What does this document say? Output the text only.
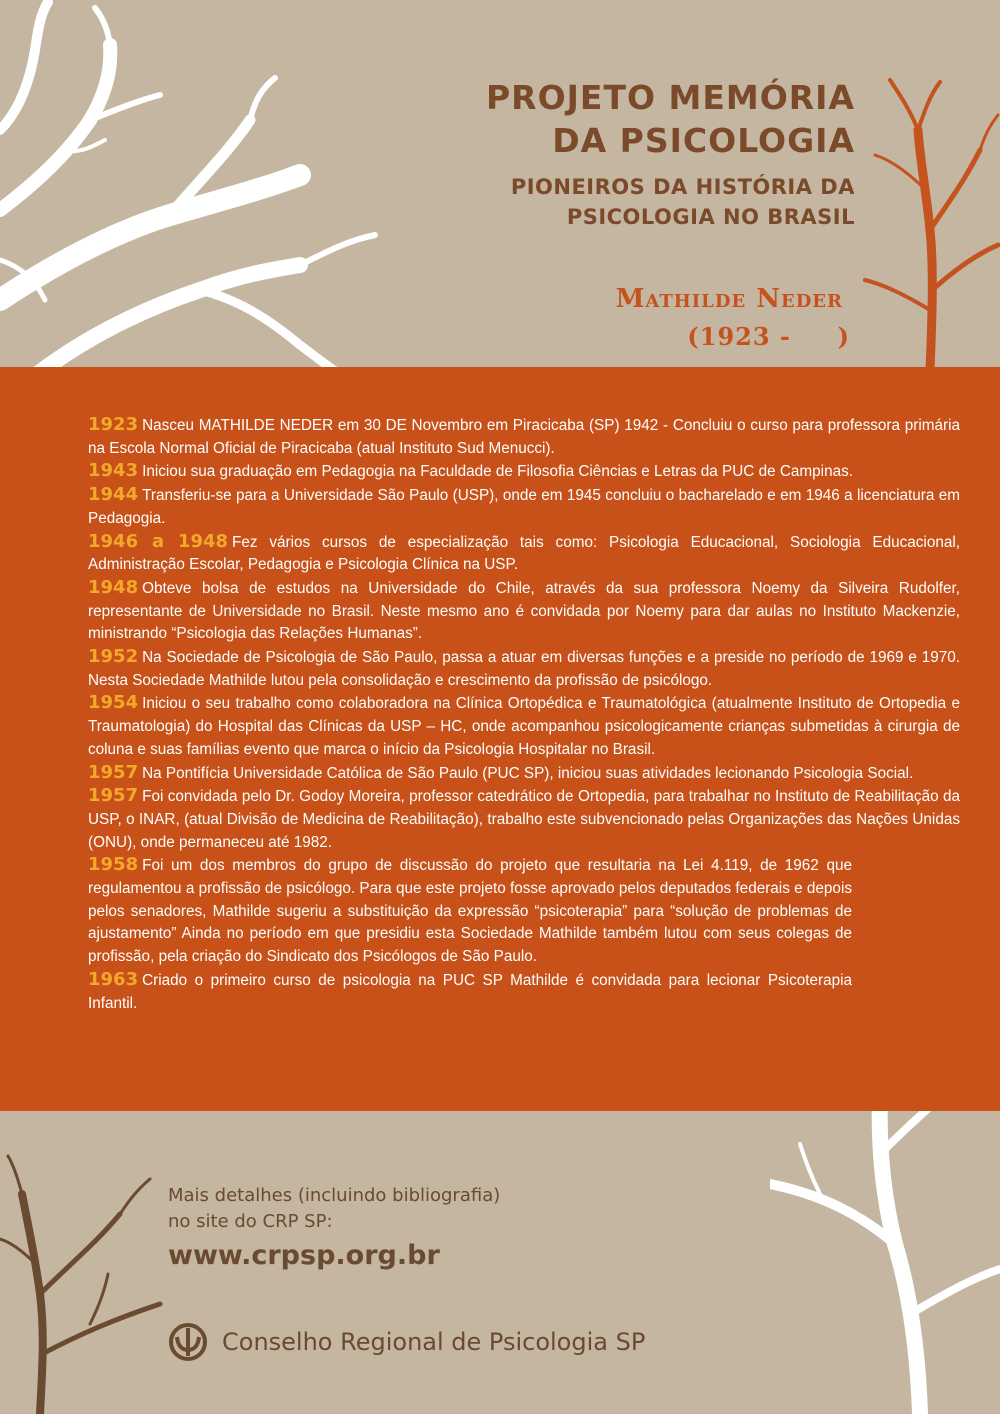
PROJETO MEMÓRIA
DA PSICOLOGIA
PIONEIROS DA HISTÓRIA DA
PSICOLOGIA NO BRASIL
Mathilde Neder
(1923 -     )

1923 Nasceu MATHILDE NEDER em 30 DE Novembro em Piracicaba (SP) 1942 - Concluiu o curso para professora primária na Escola Normal Oficial de Piracicaba (atual Instituto Sud Menucci).

1943 Iniciou sua graduação em Pedagogia na Faculdade de Filosofia Ciências e Letras da PUC de Campinas.

1944 Transferiu-se para a Universidade São Paulo (USP), onde em 1945 concluiu o bacharelado e em 1946 a licenciatura em Pedagogia.

1946 a 1948 Fez vários cursos de especialização tais como: Psicologia Educacional, Sociologia Educacional, Administração Escolar, Pedagogia e Psicologia Clínica na USP.

1948 Obteve bolsa de estudos na Universidade do Chile, através da sua professora Noemy da Silveira Rudolfer, representante de Universidade no Brasil. Neste mesmo ano é convidada por Noemy para dar aulas no Instituto Mackenzie, ministrando “Psicologia das Relações Humanas”.

1952 Na Sociedade de Psicologia de São Paulo, passa a atuar em diversas funções e a preside no período de 1969 e 1970. Nesta Sociedade Mathilde lutou pela consolidação e crescimento da profissão de psicólogo.

1954 Iniciou o seu trabalho como colaboradora na Clínica Ortopédica e Traumatológica (atualmente Instituto de Ortopedia e Traumatologia) do Hospital das Clínicas da USP – HC, onde acompanhou psicologicamente crianças submetidas à cirurgia de coluna e suas famílias evento que marca o início da Psicologia Hospitalar no Brasil.

1957 Na Pontifícia Universidade Católica de São Paulo (PUC SP), iniciou suas atividades lecionando Psicologia Social.

1957 Foi convidada pelo Dr. Godoy Moreira, professor catedrático de Ortopedia, para trabalhar no Instituto de Reabilitação da USP, o INAR, (atual Divisão de Medicina de Reabilitação), trabalho este subvencionado pelas Organizações das Nações Unidas (ONU), onde permaneceu até 1982.

1958 Foi um dos membros do grupo de discussão do projeto que resultaria na Lei 4.119, de 1962 que regulamentou a profissão de psicólogo. Para que este projeto fosse aprovado pelos deputados federais e depois pelos senadores, Mathilde sugeriu a substituição da expressão “psicoterapia” para “solução de problemas de ajustamento” Ainda no período em que presidiu esta Sociedade Mathilde também lutou com seus colegas de profissão, pela criação do Sindicato dos Psicólogos de São Paulo.

1963 Criado o primeiro curso de psicologia na PUC SP Mathilde é convidada para lecionar Psicoterapia Infantil.

Mais detalhes (incluindo bibliografia)
no site do CRP SP:
www.crpsp.org.br
Conselho Regional de Psicologia SP
